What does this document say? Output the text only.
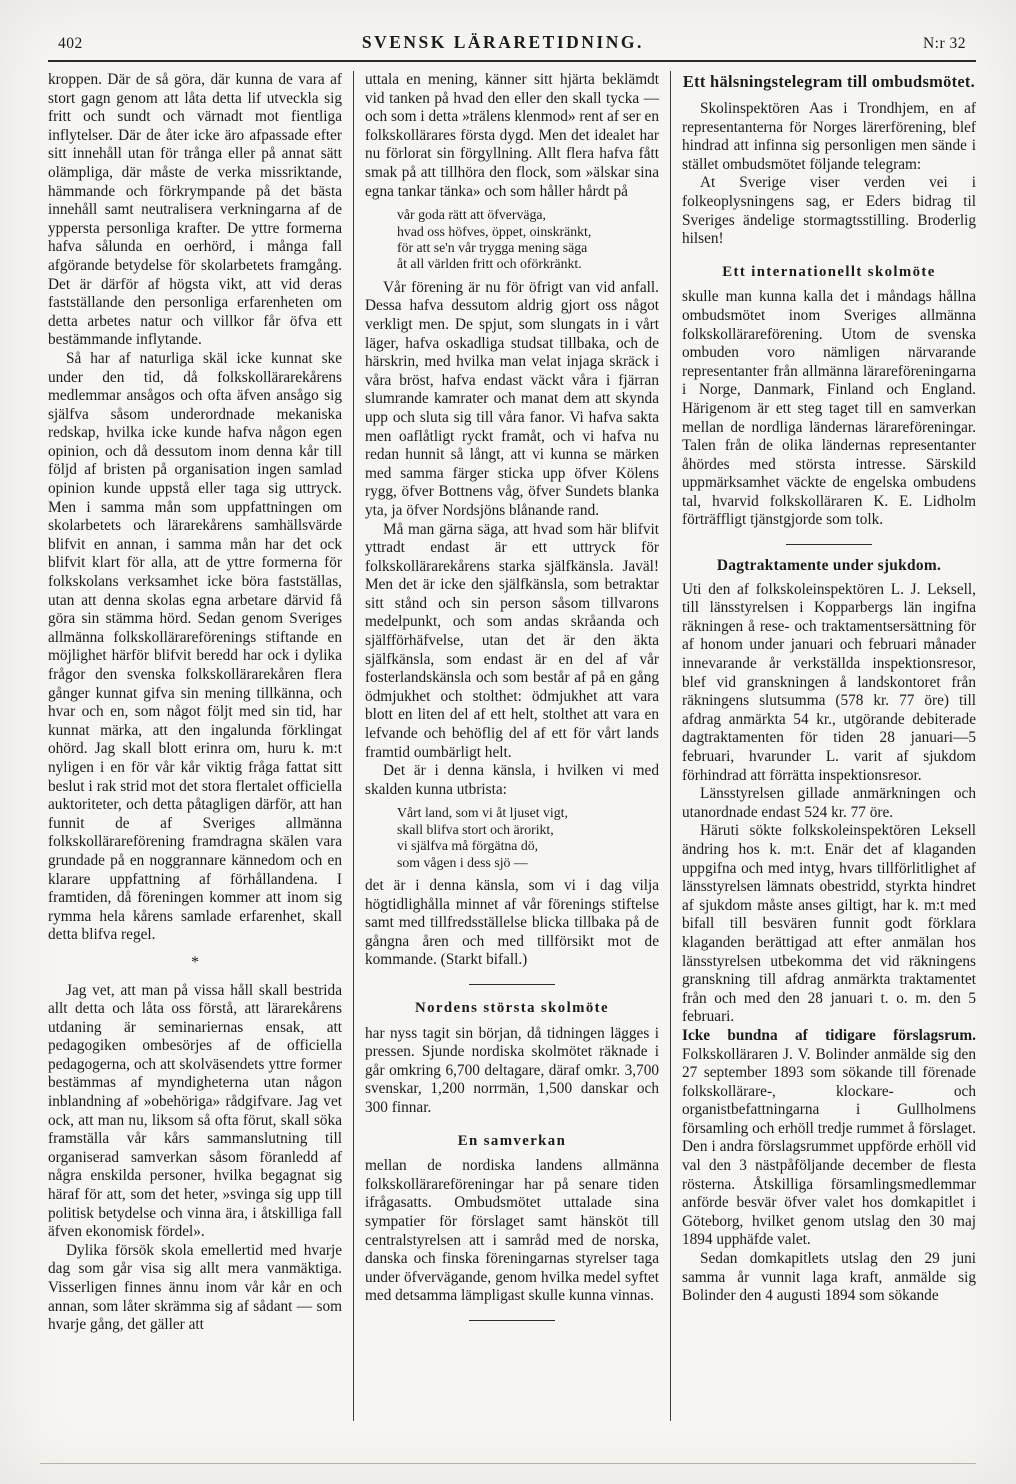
402	SVENSK LÄRARETIDNING.	N:r 32

kroppen. Där de så göra, där kunna de vara af stort gagn genom att låta detta lif utveckla sig fritt och sundt och värnadt mot fientliga inflytelser. Där de åter icke äro afpassade efter sitt innehåll utan för trånga eller på annat sätt olämpliga, där måste de verka missriktande, hämmande och förkrympande på det bästa innehåll samt neutralisera verkningarna af de yppersta personliga krafter. De yttre formerna hafva sålunda en oerhörd, i många fall afgörande betydelse för skolarbetets framgång. Det är därför af högsta vikt, att vid deras fastställande den personliga erfarenheten om detta arbetes natur och villkor får öfva ett bestämmande inflytande.

Så har af naturliga skäl icke kunnat ske under den tid, då folkskollärarekårens medlemmar ansågos och ofta äfven ansågo sig själfva såsom underordnade mekaniska redskap, hvilka icke kunde hafva någon egen opinion, och då dessutom inom denna kår till följd af bristen på organisation ingen samlad opinion kunde uppstå eller taga sig uttryck. Men i samma mån som uppfattningen om skolarbetets och lärarekårens samhällsvärde blifvit en annan, i samma mån har det ock blifvit klart för alla, att de yttre formerna för folkskolans verksamhet icke böra fastställas, utan att denna skolas egna arbetare därvid få göra sin stämma hörd. Sedan genom Sveriges allmänna folkskollärareförenings stiftande en möjlighet härför blifvit beredd har ock i dylika frågor den svenska folkskollärarekåren flera gånger kunnat gifva sin mening tillkänna, och hvar och en, som något följt med sin tid, har kunnat märka, att den ingalunda förklingat ohörd. Jag skall blott erinra om, huru k. m:t nyligen i en för vår kår viktig fråga fattat sitt beslut i rak strid mot det stora flertalet officiella auktoriteter, och detta påtagligen därför, att han funnit de af Sveriges allmänna folkskollärareförening framdragna skälen vara grundade på en noggrannare kännedom och en klarare uppfattning af förhållandena. I framtiden, då föreningen kommer att inom sig rymma hela kårens samlade erfarenhet, skall detta blifva regel.

*

Jag vet, att man på vissa håll skall bestrida allt detta och låta oss förstå, att lärarekårens utdaning är seminariernas ensak, att pedagogiken ombesörjes af de officiella pedagogerna, och att skolväsendets yttre former bestämmas af myndigheterna utan någon inblandning af »obehöriga» rådgifvare. Jag vet ock, att man nu, liksom så ofta förut, skall söka framställa vår kårs sammanslutning till organiserad samverkan såsom föranledd af några enskilda personer, hvilka begagnat sig häraf för att, som det heter, »svinga sig upp till politisk betydelse och vinna ära, i åtskilliga fall äfven ekonomisk fördel».

Dylika försök skola emellertid med hvarje dag som går visa sig allt mera vanmäktiga. Visserligen finnes ännu inom vår kår en och annan, som låter skrämma sig af sådant — som hvarje gång, det gäller att

uttala en mening, känner sitt hjärta beklämdt vid tanken på hvad den eller den skall tycka — och som i detta »trälens klenmod» rent af ser en folkskollärares första dygd. Men det idealet har nu förlorat sin förgyllning. Allt flera hafva fått smak på att tillhöra den flock, som »älskar sina egna tankar tänka» och som håller hårdt på

vår goda rätt att öfverväga,
hvad oss höfves, öppet, oinskränkt,
för att se'n vår trygga mening säga
åt all världen fritt och oförkränkt.

Vår förening är nu för öfrigt van vid anfall. Dessa hafva dessutom aldrig gjort oss något verkligt men. De spjut, som slungats in i vårt läger, hafva oskadliga studsat tillbaka, och de härskrin, med hvilka man velat injaga skräck i våra bröst, hafva endast väckt våra i fjärran slumrande kamrater och manat dem att skynda upp och sluta sig till våra fanor. Vi hafva sakta men oaflåtligt ryckt framåt, och vi hafva nu redan hunnit så långt, att vi kunna se märken med samma färger sticka upp öfver Kölens rygg, öfver Bottnens våg, öfver Sundets blanka yta, ja öfver Nordsjöns blånande rand.

Må man gärna säga, att hvad som här blifvit yttradt endast är ett uttryck för folkskollärarekårens starka själfkänsla. Javäl! Men det är icke den själfkänsla, som betraktar sitt stånd och sin person såsom tillvarons medelpunkt, och som andas skråanda och själfförhäfvelse, utan det är den äkta själfkänsla, som endast är en del af vår fosterlandskänsla och som består af på en gång ödmjukhet och stolthet: ödmjukhet att vara blott en liten del af ett helt, stolthet att vara en lefvande och behöflig del af ett för vårt lands framtid oumbärligt helt.

Det är i denna känsla, i hvilken vi med skalden kunna utbrista:

Vårt land, som vi åt ljuset vigt,
skall blifva stort och ärorikt,
vi själfva må förgätna dö,
som vågen i dess sjö —

det är i denna känsla, som vi i dag vilja högtidlighålla minnet af vår förenings stiftelse samt med tillfredsställelse blicka tillbaka på de gångna åren och med tillförsikt mot de kommande. (Starkt bifall.)

Nordens största skolmöte

har nyss tagit sin början, då tidningen lägges i pressen. Sjunde nordiska skolmötet räknade i går omkring 6,700 deltagare, däraf omkr. 3,700 svenskar, 1,200 norrmän, 1,500 danskar och 300 finnar.

En samverkan

mellan de nordiska landens allmänna folkskollärareföreningar har på senare tiden ifrågasatts. Ombudsmötet uttalade sina sympatier för förslaget samt hänsköt till centralstyrelsen att i samråd med de norska, danska och finska föreningarnas styrelser taga under öfvervägande, genom hvilka medel syftet med detsamma lämpligast skulle kunna vinnas.

Ett hälsningstelegram till ombudsmötet.

Skolinspektören Aas i Trondhjem, en af representanterna för Norges lärerförening, blef hindrad att infinna sig personligen men sände i stället ombudsmötet följande telegram:

At Sverige viser verden vei i folkeoplysningens sag, er Eders bidrag til Sveriges ändelige stormagtsstilling. Broderlig hilsen!

Ett internationellt skolmöte

skulle man kunna kalla det i måndags hållna ombudsmötet inom Sveriges allmänna folkskollärareförening. Utom de svenska ombuden voro nämligen närvarande representanter från allmänna lärareföreningarna i Norge, Danmark, Finland och England. Härigenom är ett steg taget till en samverkan mellan de nordliga ländernas lärareföreningar. Talen från de olika ländernas representanter åhördes med största intresse. Särskild uppmärksamhet väckte de engelska ombudens tal, hvarvid folkskolläraren K. E. Lidholm förträffligt tjänstgjorde som tolk.

Dagtraktamente under sjukdom.

Uti den af folkskoleinspektören L. J. Leksell, till länsstyrelsen i Kopparbergs län ingifna räkningen å rese- och traktamentsersättning för af honom under januari och februari månader innevarande år verkställda inspektionsresor, blef vid granskningen å landskontoret från räkningens slutsumma (578 kr. 77 öre) till afdrag anmärkta 54 kr., utgörande debiterade dagtraktamenten för tiden 28 januari—5 februari, hvarunder L. varit af sjukdom förhindrad att förrätta inspektionsresor.

Länsstyrelsen gillade anmärkningen och utanordnade endast 524 kr. 77 öre.

Häruti sökte folkskoleinspektören Leksell ändring hos k. m:t. Enär det af klaganden uppgifna och med intyg, hvars tillförlitlighet af länsstyrelsen lämnats obestridd, styrkta hindret af sjukdom måste anses giltigt, har k. m:t med bifall till besvären funnit godt förklara klaganden berättigad att efter anmälan hos länsstyrelsen utbekomma det vid räkningens granskning till afdrag anmärkta traktamentet från och med den 28 januari t. o. m. den 5 februari.

Icke bundna af tidigare förslagsrum. Folkskolläraren J. V. Bolinder anmälde sig den 27 september 1893 som sökande till förenade folkskollärare-, klockare- och organistbefattningarna i Gullholmens församling och erhöll tredje rummet å förslaget. Den i andra förslagsrummet uppförde erhöll vid val den 3 nästpåföljande december de flesta rösterna. Åtskilliga församlingsmedlemmar anförde besvär öfver valet hos domkapitlet i Göteborg, hvilket genom utslag den 30 maj 1894 upphäfde valet.

Sedan domkapitlets utslag den 29 juni samma år vunnit laga kraft, anmälde sig Bolinder den 4 augusti 1894 som sökande
